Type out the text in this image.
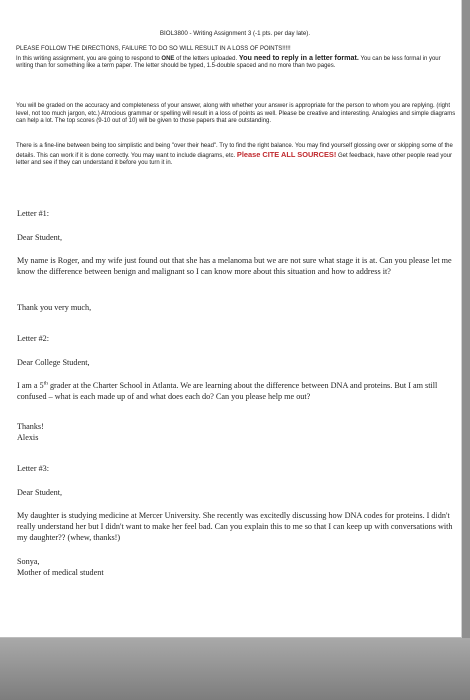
BIOL3800 - Writing Assignment 3 (-1 pts. per day late).

PLEASE FOLLOW THE DIRECTIONS, FAILURE TO DO SO WILL RESULT IN A LOSS OF POINTS!!!!!

In this writing assignment, you are going to respond to ONE of the letters uploaded. You need to reply in a letter format. You can be less formal in your writing than for something like a term paper. The letter should be typed, 1.5-double spaced and no more than two pages.

You will be graded on the accuracy and completeness of your answer, along with whether your answer is appropriate for the person to whom you are replying. (right level, not too much jargon, etc.) Atrocious grammar or spelling will result in a loss of points as well. Please be creative and interesting. Analogies and simple diagrams can help a lot. The top scores (9-10 out of 10) will be given to those papers that are outstanding.

There is a fine-line between being too simplistic and being "over their head". Try to find the right balance. You may find yourself glossing over or skipping some of the details. This can work if it is done correctly. You may want to include diagrams, etc. Please CITE ALL SOURCES! Get feedback, have other people read your letter and see if they can understand it before you turn it in.

Letter #1:
Dear Student,

My name is Roger, and my wife just found out that she has a melanoma but we are not sure what stage it is at. Can you please let me know the difference between benign and malignant so I can know more about this situation and how to address it?

Thank you very much,
Letter #2:
Dear College Student,

I am a 5th grader at the Charter School in Atlanta. We are learning about the difference between DNA and proteins. But I am still confused – what is each made up of and what does each do? Can you please help me out?

Thanks!
Alexis
Letter #3:
Dear Student,

My daughter is studying medicine at Mercer University. She recently was excitedly discussing how DNA codes for proteins. I didn't really understand her but I didn't want to make her feel bad. Can you explain this to me so that I can keep up with conversations with my daughter?? (whew, thanks!)

Sonya,
Mother of medical student
